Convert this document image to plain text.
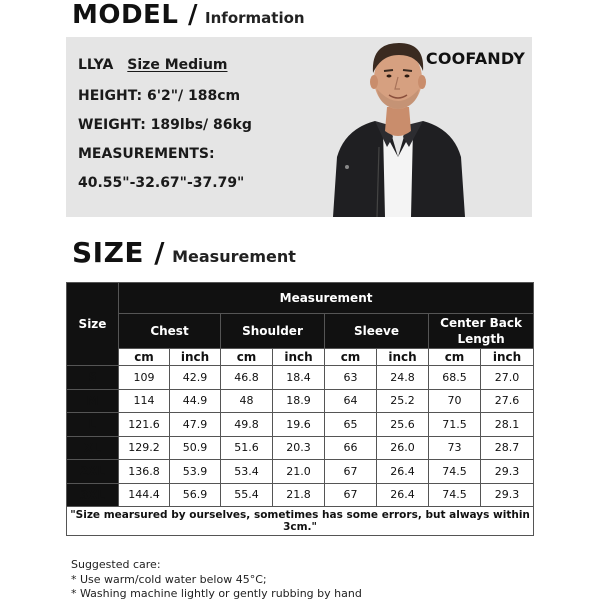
MODEL / Information
LLYA Size Medium
HEIGHT: 6'2"/ 188cm
WEIGHT: 189lbs/ 86kg
MEASUREMENTS:
40.55"-32.67"-37.79"
COOFANDY
SIZE / Measurement
Size	Measurement							
	Chest		Shoulder		Sleeve		Center Back Length	
	cm	inch	cm	inch	cm	inch	cm	inch
S	109	42.9	46.8	18.4	63	24.8	68.5	27.0
M	114	44.9	48	18.9	64	25.2	70	27.6
L	121.6	47.9	49.8	19.6	65	25.6	71.5	28.1
XL	129.2	50.9	51.6	20.3	66	26.0	73	28.7
2XL	136.8	53.9	53.4	21.0	67	26.4	74.5	29.3
3XL	144.4	56.9	55.4	21.8	67	26.4	74.5	29.3
"Size mearsured by ourselves, sometimes has some errors, but always within 3cm."								
Suggested care:
* Use warm/cold water below 45°C;
* Washing machine lightly or gently rubbing by hand
